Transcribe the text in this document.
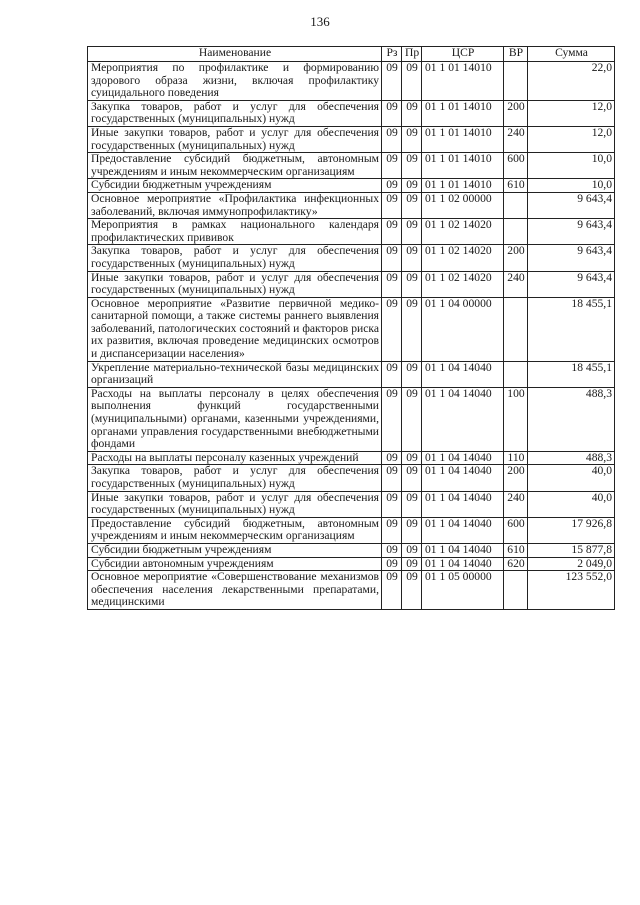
136
Наименование	Рз	Пр	ЦСР	ВР	Сумма
Мероприятия по профилактике и формированию здорового образа жизни, включая профилактику суицидального поведения	09	09	01 1 01 14010		22,0
Закупка товаров, работ и услуг для обеспечения государственных (муниципальных) нужд	09	09	01 1 01 14010	200	12,0
Иные закупки товаров, работ и услуг для обеспечения государственных (муниципальных) нужд	09	09	01 1 01 14010	240	12,0
Предоставление субсидий бюджетным, автономным учреждениям и иным некоммерческим организациям	09	09	01 1 01 14010	600	10,0
Субсидии бюджетным учреждениям	09	09	01 1 01 14010	610	10,0
Основное мероприятие «Профилактика инфекционных заболеваний, включая иммунопрофилактику»	09	09	01 1 02 00000		9 643,4
Мероприятия в рамках национального календаря профилактических прививок	09	09	01 1 02 14020		9 643,4
Закупка товаров, работ и услуг для обеспечения государственных (муниципальных) нужд	09	09	01 1 02 14020	200	9 643,4
Иные закупки товаров, работ и услуг для обеспечения государственных (муниципальных) нужд	09	09	01 1 02 14020	240	9 643,4
Основное мероприятие «Развитие первичной медико-санитарной помощи, а также системы раннего выявления заболеваний, патологических состояний и факторов риска их развития, включая проведение медицинских осмотров и диспансеризации населения»	09	09	01 1 04 00000		18 455,1
Укрепление материально-технической базы медицинских организаций	09	09	01 1 04 14040		18 455,1
Расходы на выплаты персоналу в целях обеспечения выполнения функций государственными (муниципальными) органами, казенными учреждениями, органами управления государственными внебюджетными фондами	09	09	01 1 04 14040	100	488,3
Расходы на выплаты персоналу казенных учреждений	09	09	01 1 04 14040	110	488,3
Закупка товаров, работ и услуг для обеспечения государственных (муниципальных) нужд	09	09	01 1 04 14040	200	40,0
Иные закупки товаров, работ и услуг для обеспечения государственных (муниципальных) нужд	09	09	01 1 04 14040	240	40,0
Предоставление субсидий бюджетным, автономным учреждениям и иным некоммерческим организациям	09	09	01 1 04 14040	600	17 926,8
Субсидии бюджетным учреждениям	09	09	01 1 04 14040	610	15 877,8
Субсидии автономным учреждениям	09	09	01 1 04 14040	620	2 049,0
Основное мероприятие «Совершенствование механизмов обеспечения населения лекарственными препаратами, медицинскими	09	09	01 1 05 00000		123 552,0
